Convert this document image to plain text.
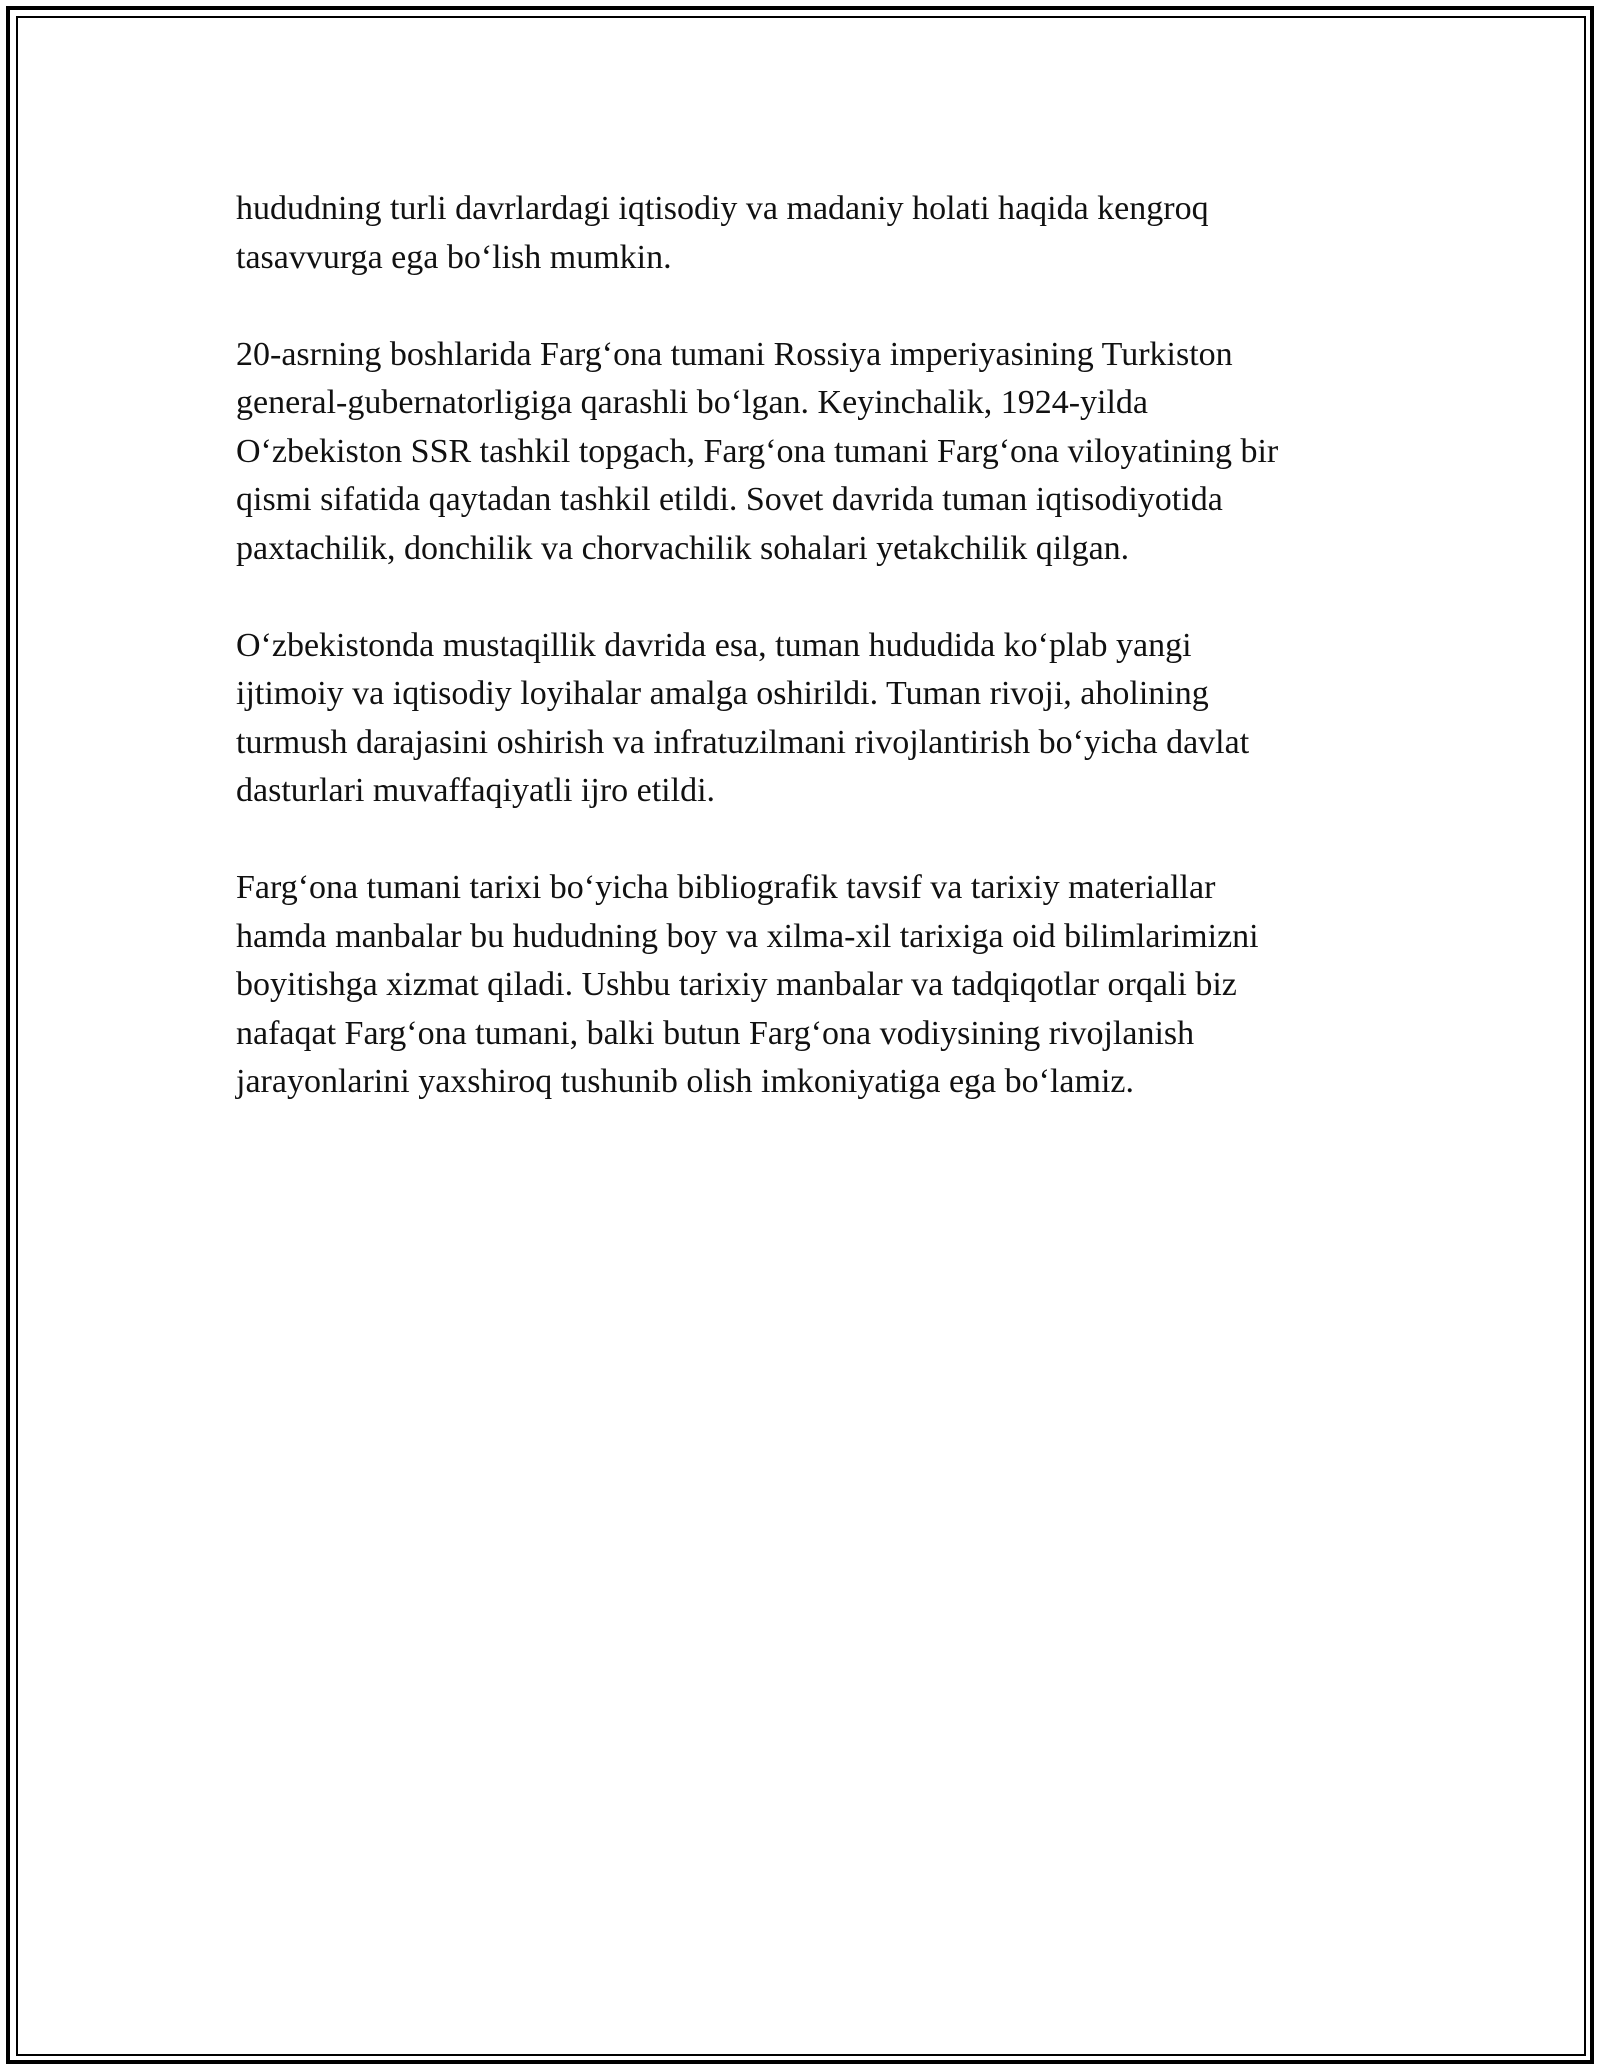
hududning turli davrlardagi iqtisodiy va madaniy holati haqida kengroq
tasavvurga ega bo‘lish mumkin.

20-asrning boshlarida Farg‘ona tumani Rossiya imperiyasining Turkiston
general-gubernatorligiga qarashli bo‘lgan. Keyinchalik, 1924-yilda
O‘zbekiston SSR tashkil topgach, Farg‘ona tumani Farg‘ona viloyatining bir
qismi sifatida qaytadan tashkil etildi. Sovet davrida tuman iqtisodiyotida
paxtachilik, donchilik va chorvachilik sohalari yetakchilik qilgan.

O‘zbekistonda mustaqillik davrida esa, tuman hududida ko‘plab yangi
ijtimoiy va iqtisodiy loyihalar amalga oshirildi. Tuman rivoji, aholining
turmush darajasini oshirish va infratuzilmani rivojlantirish bo‘yicha davlat
dasturlari muvaffaqiyatli ijro etildi.

Farg‘ona tumani tarixi bo‘yicha bibliografik tavsif va tarixiy materiallar
hamda manbalar bu hududning boy va xilma-xil tarixiga oid bilimlarimizni
boyitishga xizmat qiladi. Ushbu tarixiy manbalar va tadqiqotlar orqali biz
nafaqat Farg‘ona tumani, balki butun Farg‘ona vodiysining rivojlanish
jarayonlarini yaxshiroq tushunib olish imkoniyatiga ega bo‘lamiz.
